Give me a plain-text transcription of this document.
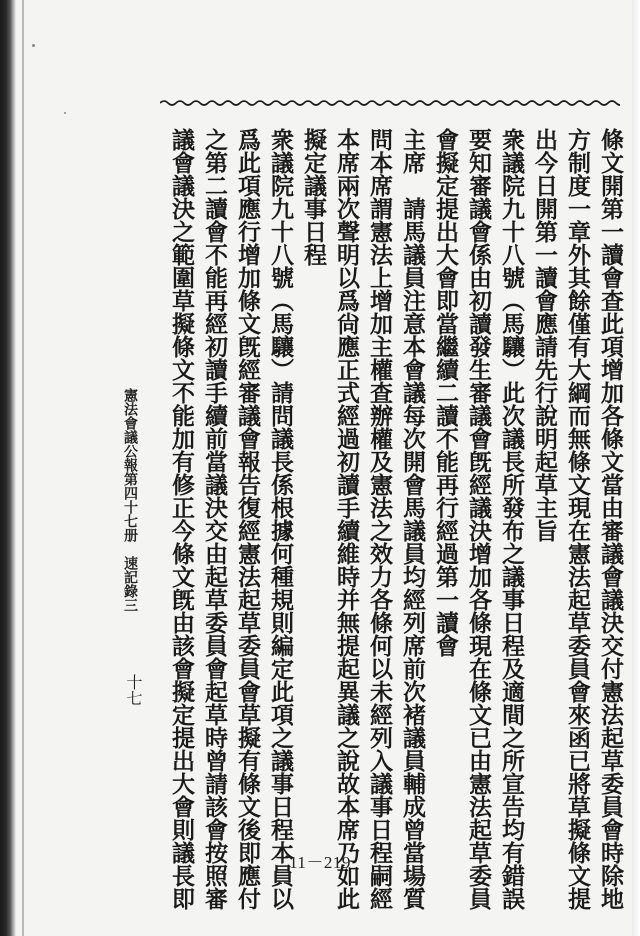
條文開第一讀會查此項增加各條文當由審議會議決交付憲法起草委員會時除地
方制度一章外其餘僅有大綱而無條文現在憲法起草委員會來函已將草擬條文提
出今日開第一讀會應請先行說明起草主旨
衆議院九十八號（馬驤）此次議長所發布之議事日程及適間之所宣告均有錯誤
要知審議會係由初讀發生審議會旣經議決增加各條現在條文已由憲法起草委員
會擬定提出大會即當繼續二讀不能再行經過第一讀會
主席　請馬議員注意本會議每次開會馬議員均經列席前次褚議員輔成曾當場質
問本席謂憲法上增加主權查辦權及憲法之效力各條何以未經列入議事日程嗣經
本席兩次聲明以爲尙應正式經過初讀手續維時并無提起異議之說故本席乃如此
擬定議事日程
衆議院九十八號（馬驤）請問議長係根據何種規則編定此項之議事日程本員以
爲此項應行增加條文旣經審議會報告復經憲法起草委員會草擬有條文後即應付
之第二讀會不能再經初讀手續前當議決交由起草委員會起草時曾請該會按照審
議會議決之範圍草擬條文不能加有修正今條文旣由該會擬定提出大會則議長即
憲法會議公報第四十七册
速記錄三
十七
11－219
